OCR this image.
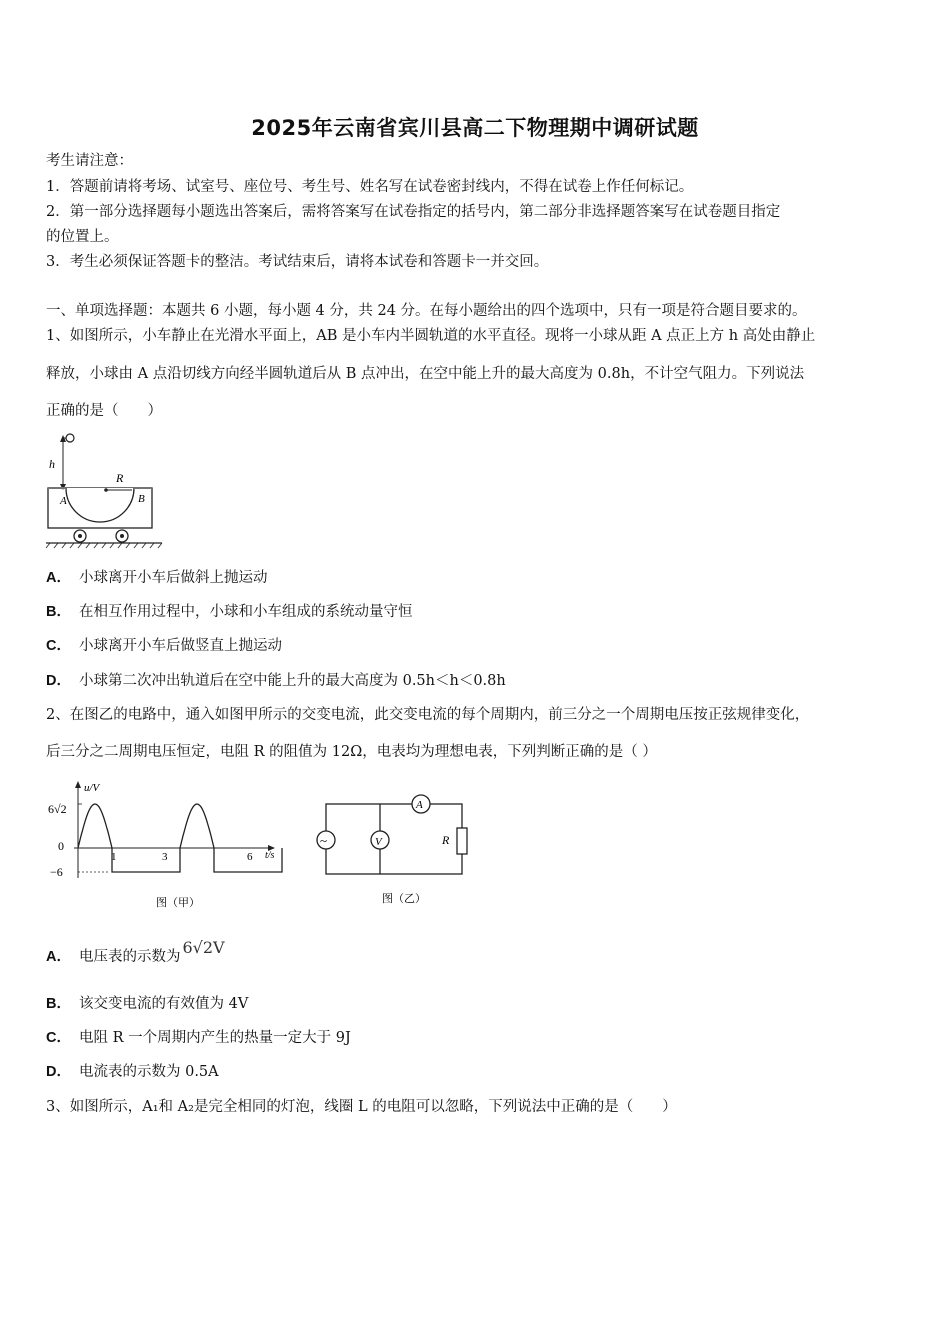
2025年云南省宾川县高二下物理期中调研试题
考生请注意：
1．答题前请将考场、试室号、座位号、考生号、姓名写在试卷密封线内，不得在试卷上作任何标记。
2．第一部分选择题每小题选出答案后，需将答案写在试卷指定的括号内，第二部分非选择题答案写在试卷题目指定
的位置上。
3．考生必须保证答题卡的整洁。考试结束后，请将本试卷和答题卡一并交回。
一、单项选择题：本题共 6 小题，每小题 4 分，共 24 分。在每小题给出的四个选项中，只有一项是符合题目要求的。
1、如图所示，小车静止在光滑水平面上，AB 是小车内半圆轨道的水平直径。现将一小球从距 A 点正上方 h 高处由静止
释放，小球由 A 点沿切线方向经半圆轨道后从 B 点冲出，在空中能上升的最大高度为 0.8h，不计空气阻力。下列说法
正确的是（　　）
h
R
A	B
A． 小球离开小车后做斜上抛运动
B． 在相互作用过程中，小球和小车组成的系统动量守恒
C． 小球离开小车后做竖直上抛运动
D． 小球第二次冲出轨道后在空中能上升的最大高度为 0.5h＜h＜0.8h
2、在图乙的电路中，通入如图甲所示的交变电流，此交变电流的每个周期内，前三分之一个周期电压按正弦规律变化，
后三分之二周期电压恒定，电阻 R 的阻值为 12Ω，电表均为理想电表，下列判断正确的是（ ）
u/V
t/s
6√2
0
−6
1	3	6
图（甲）
~	V
A
R
图（乙）
A． 电压表的示数为 6√2V
B． 该交变电流的有效值为 4V
C． 电阻 R 一个周期内产生的热量一定大于 9J
D． 电流表的示数为 0.5A
3、如图所示，A₁和 A₂是完全相同的灯泡，线圈 L 的电阻可以忽略，下列说法中正确的是（　　）
